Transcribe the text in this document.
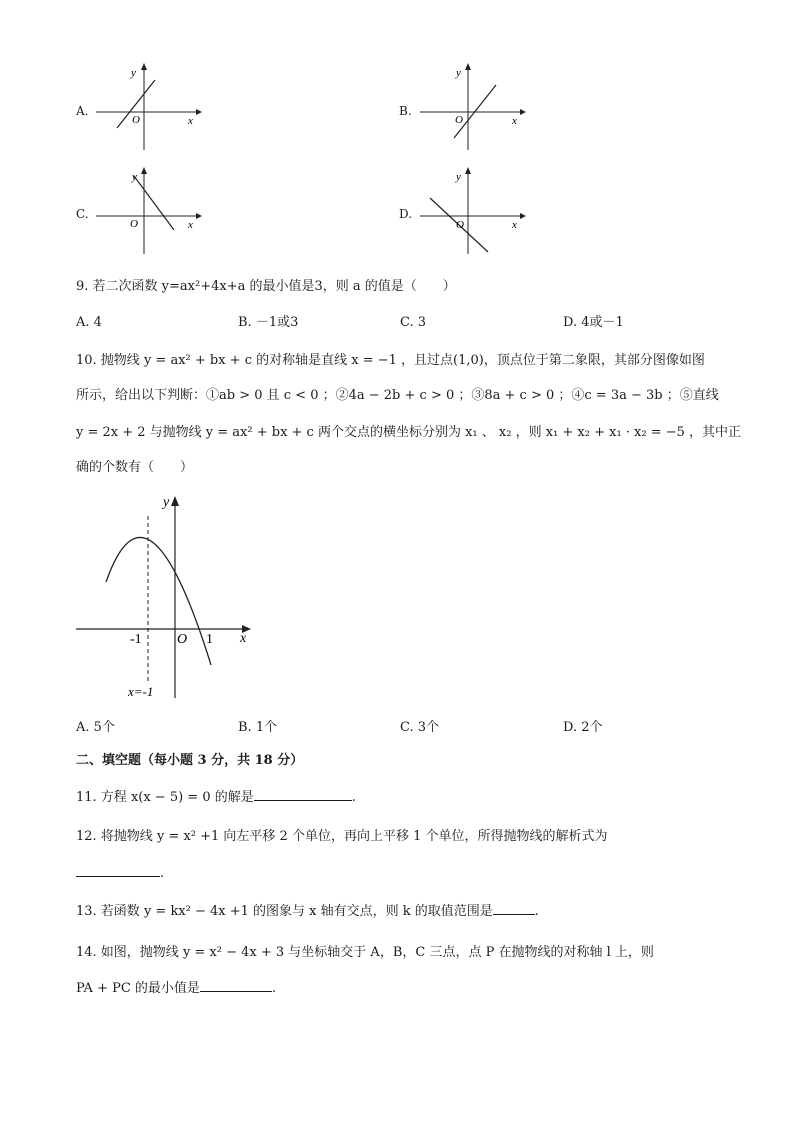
A.
y
x
O
B.
y
x
O
C.
y
x
O
D.
y
x
O
9. 若二次函数 y=ax²+4x+a 的最小值是3，则 a 的值是（　　）
A. 4	B. －1或3	C. 3	D. 4或－1
10. 抛物线 y = ax² + bx + c 的对称轴是直线 x = −1 ，且过点(1,0)，顶点位于第二象限，其部分图像如图
所示，给出以下判断：①ab > 0 且 c < 0 ；②4a − 2b + c > 0 ；③8a + c > 0 ；④c = 3a − 3b ；⑤直线
y = 2x + 2 与抛物线 y = ax² + bx + c 两个交点的横坐标分别为 x₁ 、 x₂ ，则 x₁ + x₂ + x₁ · x₂ = −5 ，其中正
确的个数有（　　）
y
x
-1	O 1
x=-1
A. 5个	B. 1个	C. 3个	D. 2个
二、填空题（每小题 3 分，共 18 分）
11. 方程 x(x − 5) = 0 的解是	.
12. 将抛物线 y = x² +1 向左平移 2 个单位，再向上平移 1 个单位，所得抛物线的解析式为
.
13. 若函数 y = kx² − 4x +1 的图象与 x 轴有交点，则 k 的取值范围是	.
14. 如图，抛物线 y = x² − 4x + 3 与坐标轴交于 A，B，C 三点，点 P 在抛物线的对称轴 l 上，则
PA + PC 的最小值是	.
